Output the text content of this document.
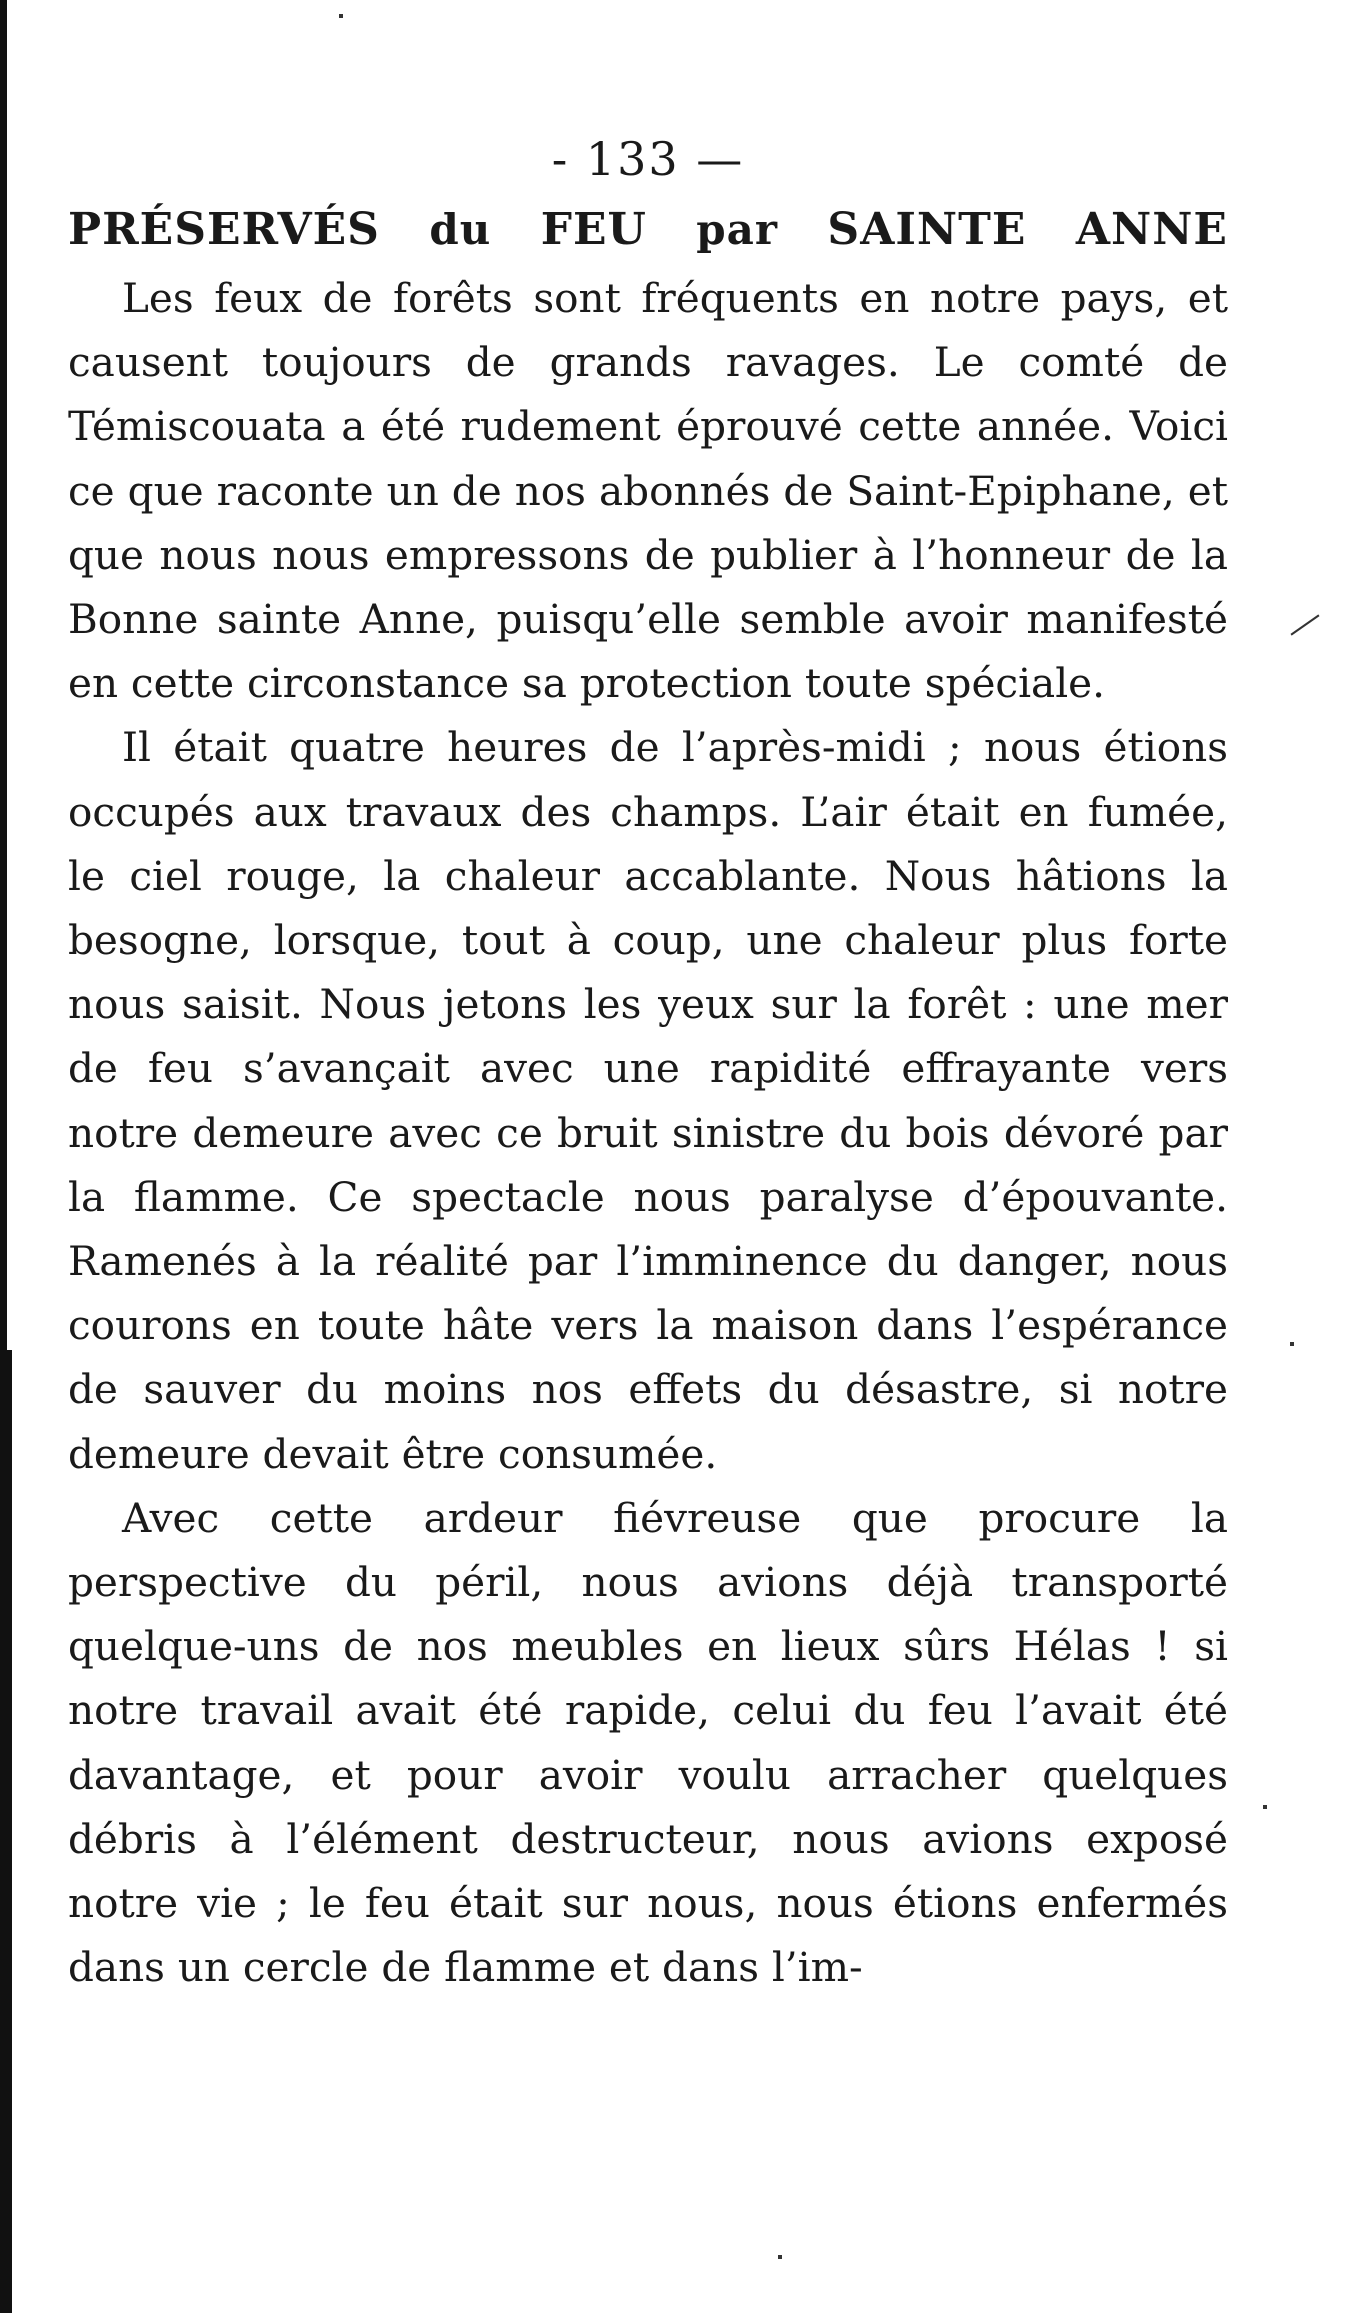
- 133 —
PRÉSERVÉS du FEU par SAINTE ANNE

Les feux de forêts sont fréquents en notre pays, et causent toujours de grands ravages. Le comté de Témiscouata a été rudement éprouvé cette année. Voici ce que raconte un de nos abonnés de Saint-Epiphane, et que nous nous empressons de publier à l’honneur de la Bonne sainte Anne, puisqu’elle semble avoir manifesté en cette circonstance sa protection toute spéciale.

Il était quatre heures de l’après-midi ; nous étions occupés aux travaux des champs. L’air était en fumée, le ciel rouge, la chaleur accablante. Nous hâtions la besogne, lorsque, tout à coup, une chaleur plus forte nous saisit. Nous jetons les yeux sur la forêt : une mer de feu s’avançait avec une rapidité effrayante vers notre demeure avec ce bruit sinistre du bois dévoré par la flamme. Ce spectacle nous paralyse d’épouvante. Ramenés à la réalité par l’imminence du danger, nous courons en toute hâte vers la maison dans l’espérance de sauver du moins nos effets du désastre, si notre demeure devait être consumée.

Avec cette ardeur fiévreuse que procure la perspective du péril, nous avions déjà transporté quelque-uns de nos meubles en lieux sûrs Hélas ! si notre travail avait été rapide, celui du feu l’avait été davantage, et pour avoir voulu arracher quelques débris à l’élément destructeur, nous avions exposé notre vie ; le feu était sur nous, nous étions enfermés dans un cercle de flamme et dans l’im-
